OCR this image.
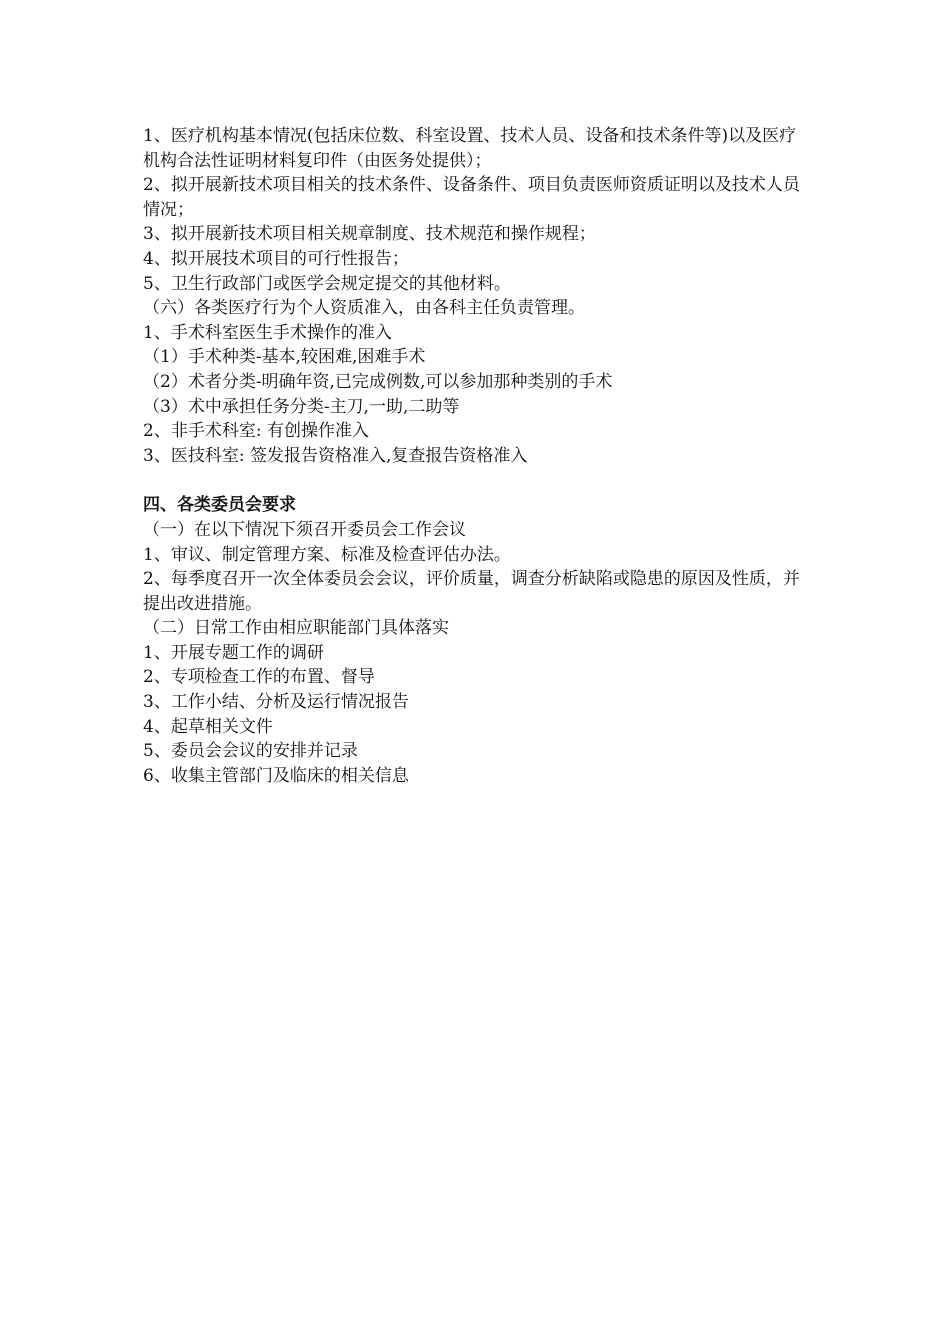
1、医疗机构基本情况(包括床位数、科室设置、技术人员、设备和技术条件等)以及医疗机构合法性证明材料复印件（由医务处提供）；

2、拟开展新技术项目相关的技术条件、设备条件、项目负责医师资质证明以及技术人员情况；

3、拟开展新技术项目相关规章制度、技术规范和操作规程；

4、拟开展技术项目的可行性报告；

5、卫生行政部门或医学会规定提交的其他材料。

（六）各类医疗行为个人资质准入，由各科主任负责管理。

1、手术科室医生手术操作的准入

（1）手术种类-基本,较困难,困难手术

（2）术者分类-明确年资,已完成例数,可以参加那种类别的手术

（3）术中承担任务分类-主刀,一助,二助等

2、非手术科室: 有创操作准入

3、医技科室: 签发报告资格准入,复查报告资格准入

四、各类委员会要求

（一）在以下情况下须召开委员会工作会议

1、审议、制定管理方案、标准及检查评估办法。

2、每季度召开一次全体委员会会议，评价质量，调查分析缺陷或隐患的原因及性质，并提出改进措施。

（二）日常工作由相应职能部门具体落实

1、开展专题工作的调研

2、专项检查工作的布置、督导

3、工作小结、分析及运行情况报告

4、起草相关文件

5、委员会会议的安排并记录

6、收集主管部门及临床的相关信息
